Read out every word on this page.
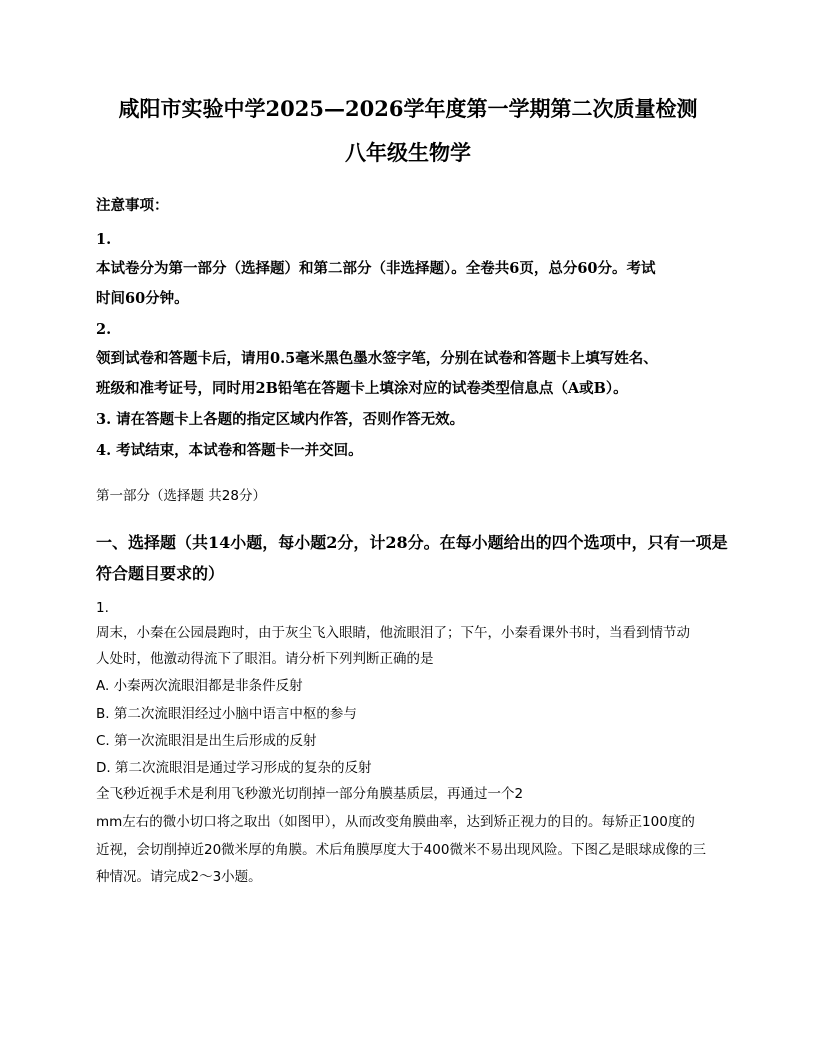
咸阳市实验中学2025—2026学年度第一学期第二次质量检测
八年级生物学
注意事项：
1.
本试卷分为第一部分（选择题）和第二部分（非选择题）。全卷共6页，总分60分。考试
时间60分钟。
2.
领到试卷和答题卡后，请用0.5毫米黑色墨水签字笔，分别在试卷和答题卡上填写姓名、
班级和准考证号，同时用2B铅笔在答题卡上填涂对应的试卷类型信息点（A或B）。
3. 请在答题卡上各题的指定区域内作答，否则作答无效。
4. 考试结束，本试卷和答题卡一并交回。
第一部分（选择题 共28分）
一、选择题（共14小题，每小题2分，计28分。在每小题给出的四个选项中，只有一项是
符合题目要求的）
1.
周末，小秦在公园晨跑时，由于灰尘飞入眼睛，他流眼泪了；下午，小秦看课外书时，当看到情节动
人处时，他激动得流下了眼泪。请分析下列判断正确的是
A. 小秦两次流眼泪都是非条件反射
B. 第二次流眼泪经过小脑中语言中枢的参与
C. 第一次流眼泪是出生后形成的反射
D. 第二次流眼泪是通过学习形成的复杂的反射
全飞秒近视手术是利用飞秒激光切削掉一部分角膜基质层，再通过一个2
mm左右的微小切口将之取出（如图甲），从而改变角膜曲率，达到矫正视力的目的。每矫正100度的
近视，会切削掉近20微米厚的角膜。术后角膜厚度大于400微米不易出现风险。下图乙是眼球成像的三
种情况。请完成2～3小题。
